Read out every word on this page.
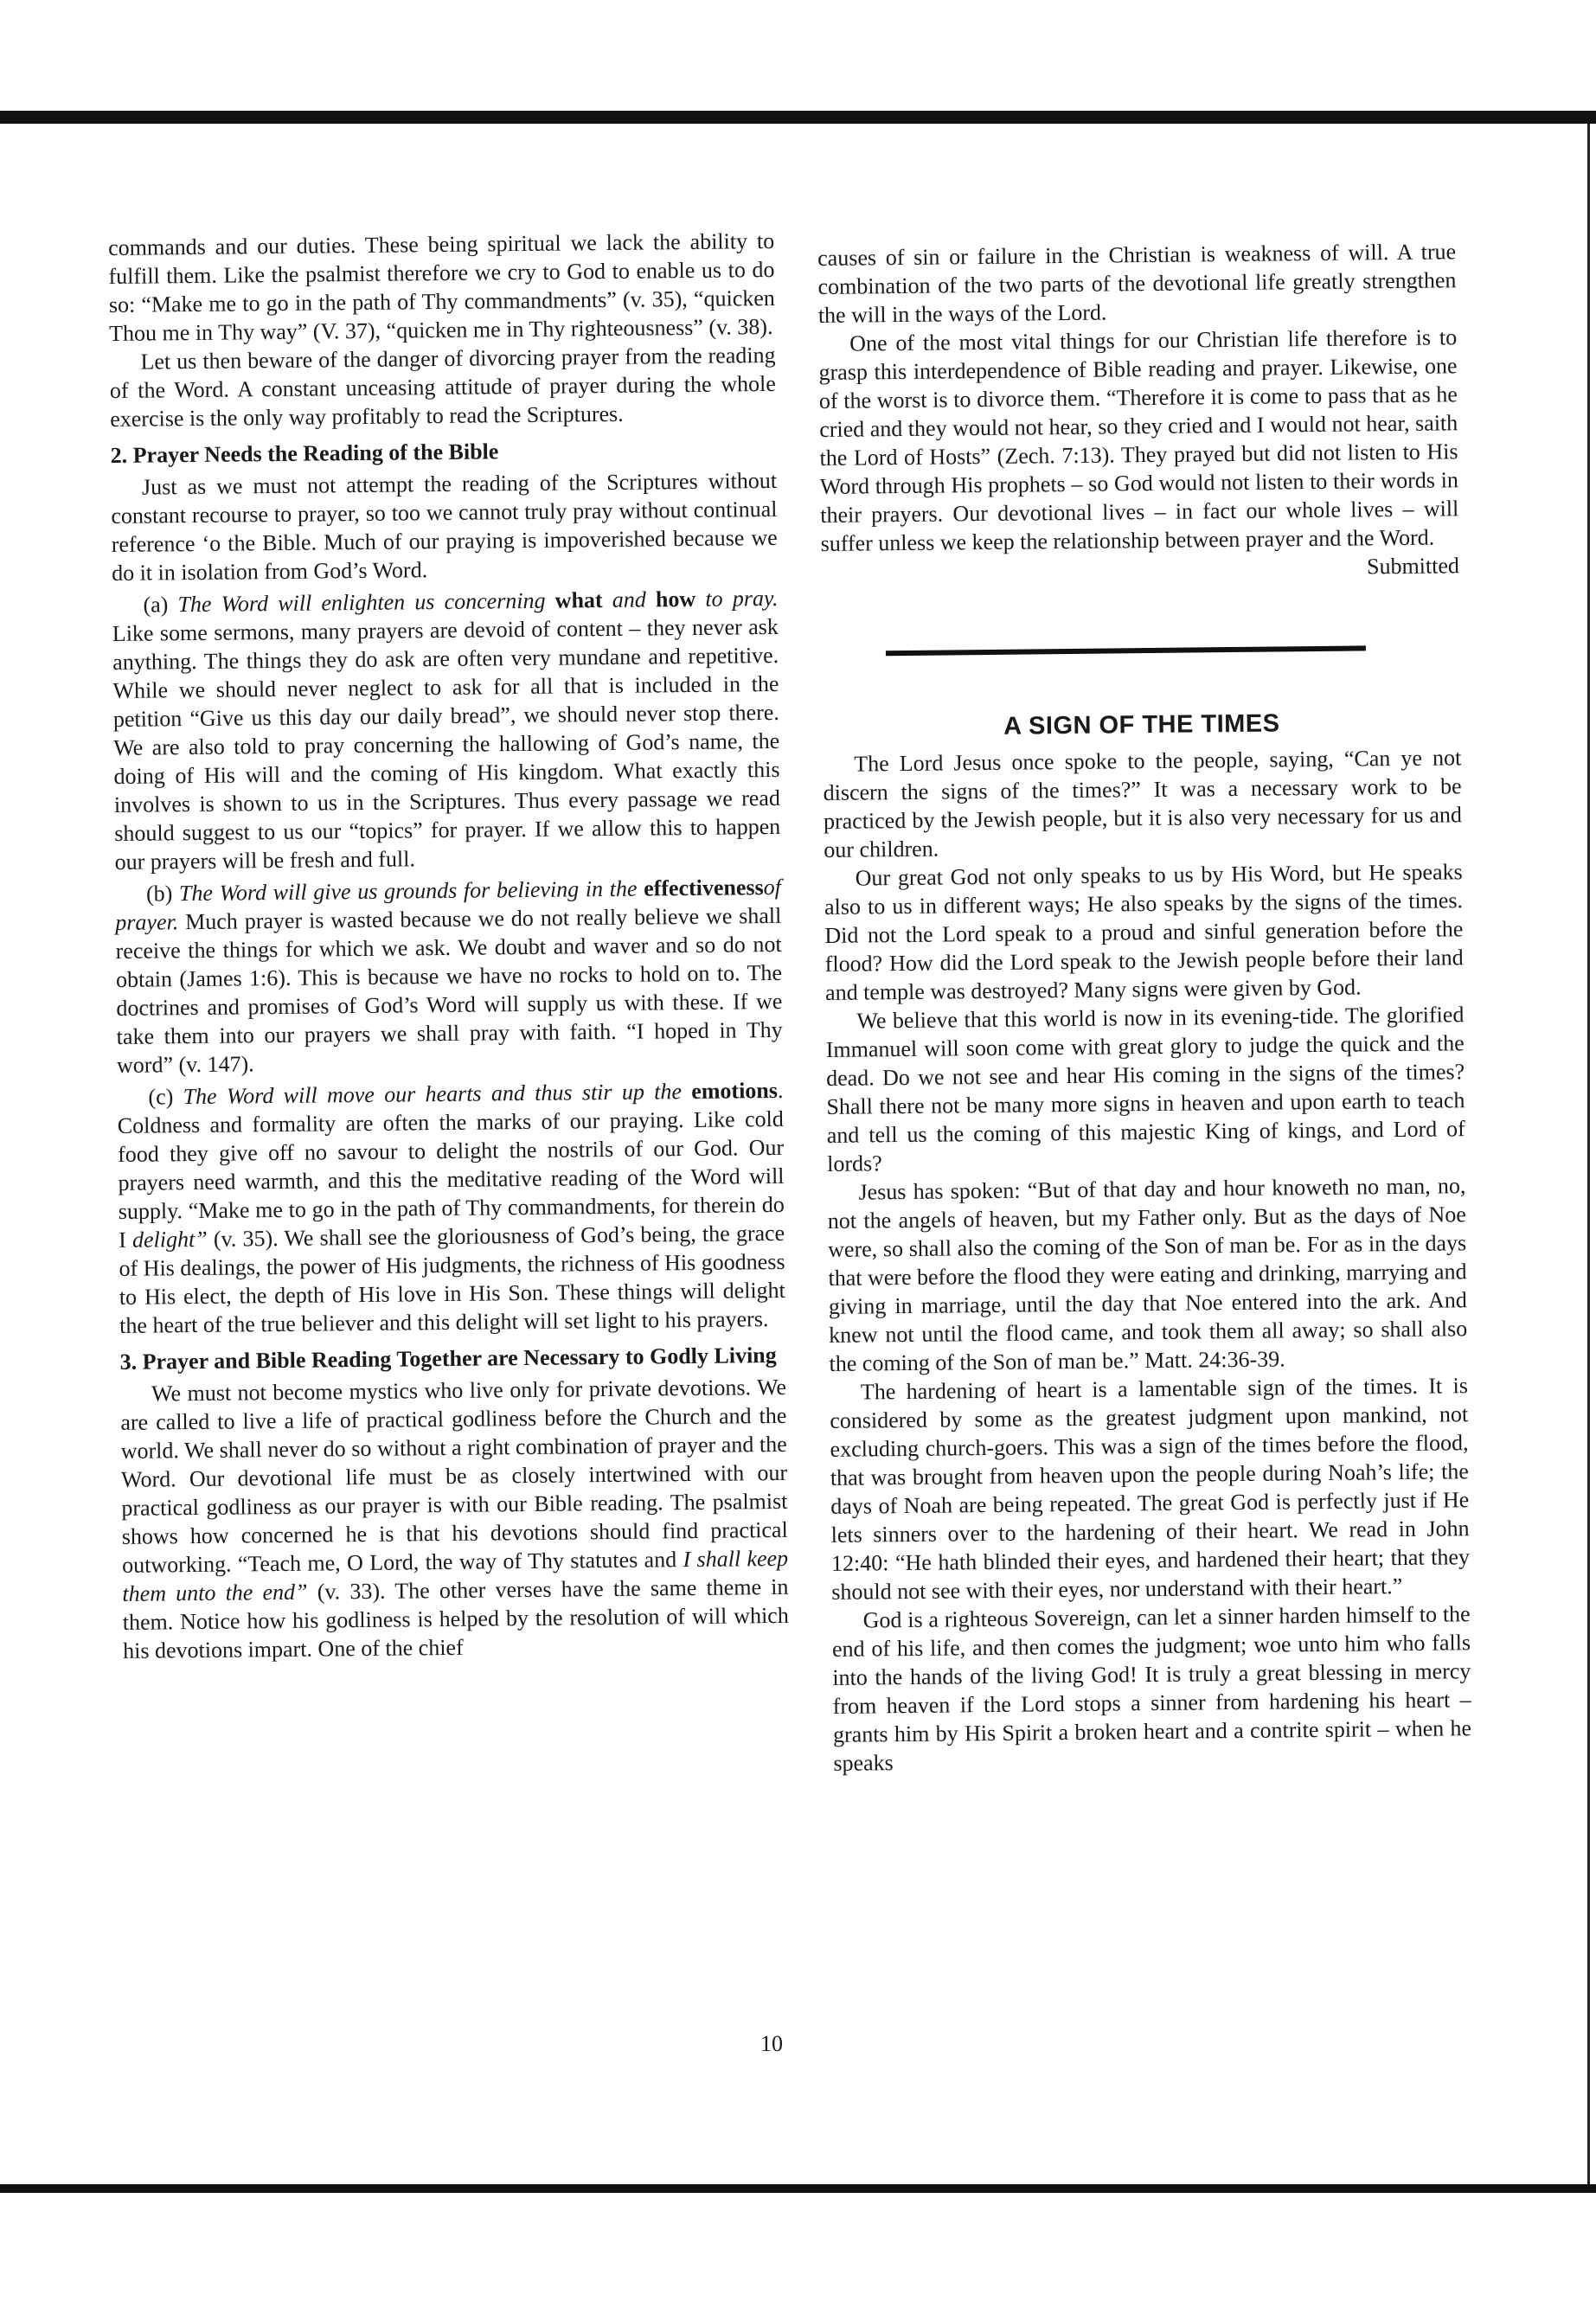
commands and our duties. These being spiritual we lack the ability to fulfill them. Like the psalmist therefore we cry to God to enable us to do so: “Make me to go in the path of Thy commandments” (v. 35), “quicken Thou me in Thy way” (V. 37), “quicken me in Thy righteousness” (v. 38).

Let us then beware of the danger of divorcing prayer from the reading of the Word. A constant unceasing attitude of prayer during the whole exercise is the only way profitably to read the Scriptures.

2. Prayer Needs the Reading of the Bible

Just as we must not attempt the reading of the Scriptures without constant recourse to prayer, so too we cannot truly pray without continual reference ‘o the Bible. Much of our praying is impoverished because we do it in isolation from God’s Word.

(a) The Word will enlighten us concerning what and how to pray. Like some sermons, many prayers are devoid of content – they never ask anything. The things they do ask are often very mundane and repetitive. While we should never neglect to ask for all that is included in the petition “Give us this day our daily bread”, we should never stop there. We are also told to pray concerning the hallowing of God’s name, the doing of His will and the coming of His kingdom. What exactly this involves is shown to us in the Scriptures. Thus every passage we read should suggest to us our “topics” for prayer. If we allow this to happen our prayers will be fresh and full.

(b) The Word will give us grounds for believing in the effectivenessof prayer. Much prayer is wasted because we do not really believe we shall receive the things for which we ask. We doubt and waver and so do not obtain (James 1:6). This is because we have no rocks to hold on to. The doctrines and promises of God’s Word will supply us with these. If we take them into our prayers we shall pray with faith. “I hoped in Thy word” (v. 147).

(c) The Word will move our hearts and thus stir up the emotions. Coldness and formality are often the marks of our praying. Like cold food they give off no savour to delight the nostrils of our God. Our prayers need warmth, and this the meditative reading of the Word will supply. “Make me to go in the path of Thy commandments, for therein do I delight” (v. 35). We shall see the gloriousness of God’s being, the grace of His dealings, the power of His judgments, the richness of His goodness to His elect, the depth of His love in His Son. These things will delight the heart of the true believer and this delight will set light to his prayers.

3. Prayer and Bible Reading Together are Necessary to Godly Living

We must not become mystics who live only for private devotions. We are called to live a life of practical godliness before the Church and the world. We shall never do so without a right combination of prayer and the Word. Our devotional life must be as closely intertwined with our practical godliness as our prayer is with our Bible reading. The psalmist shows how concerned he is that his devotions should find practical outworking. “Teach me, O Lord, the way of Thy statutes and I shall keep them unto the end” (v. 33). The other verses have the same theme in them. Notice how his godliness is helped by the resolution of will which his devotions impart. One of the chief

causes of sin or failure in the Christian is weakness of will. A true combination of the two parts of the devotional life greatly strengthen the will in the ways of the Lord.

One of the most vital things for our Christian life therefore is to grasp this interdependence of Bible reading and prayer. Likewise, one of the worst is to divorce them. “Therefore it is come to pass that as he cried and they would not hear, so they cried and I would not hear, saith the Lord of Hosts” (Zech. 7:13). They prayed but did not listen to His Word through His prophets – so God would not listen to their words in their prayers. Our devotional lives – in fact our whole lives – will suffer unless we keep the relationship between prayer and the Word.

Submitted

A SIGN OF THE TIMES

The Lord Jesus once spoke to the people, saying, “Can ye not discern the signs of the times?” It was a necessary work to be practiced by the Jewish people, but it is also very necessary for us and our children.

Our great God not only speaks to us by His Word, but He speaks also to us in different ways; He also speaks by the signs of the times. Did not the Lord speak to a proud and sinful generation before the flood? How did the Lord speak to the Jewish people before their land and temple was destroyed? Many signs were given by God.

We believe that this world is now in its evening-tide. The glorified Immanuel will soon come with great glory to judge the quick and the dead. Do we not see and hear His coming in the signs of the times? Shall there not be many more signs in heaven and upon earth to teach and tell us the coming of this majestic King of kings, and Lord of lords?

Jesus has spoken: “But of that day and hour knoweth no man, no, not the angels of heaven, but my Father only. But as the days of Noe were, so shall also the coming of the Son of man be. For as in the days that were before the flood they were eating and drinking, marrying and giving in marriage, until the day that Noe entered into the ark. And knew not until the flood came, and took them all away; so shall also the coming of the Son of man be.” Matt. 24:36-39.

The hardening of heart is a lamentable sign of the times. It is considered by some as the greatest judgment upon mankind, not excluding church-goers. This was a sign of the times before the flood, that was brought from heaven upon the people during Noah’s life; the days of Noah are being repeated. The great God is perfectly just if He lets sinners over to the hardening of their heart. We read in John 12:40: “He hath blinded their eyes, and hardened their heart; that they should not see with their eyes, nor understand with their heart.”

God is a righteous Sovereign, can let a sinner harden himself to the end of his life, and then comes the judgment; woe unto him who falls into the hands of the living God! It is truly a great blessing in mercy from heaven if the Lord stops a sinner from hardening his heart – grants him by His Spirit a broken heart and a contrite spirit – when he speaks

10
